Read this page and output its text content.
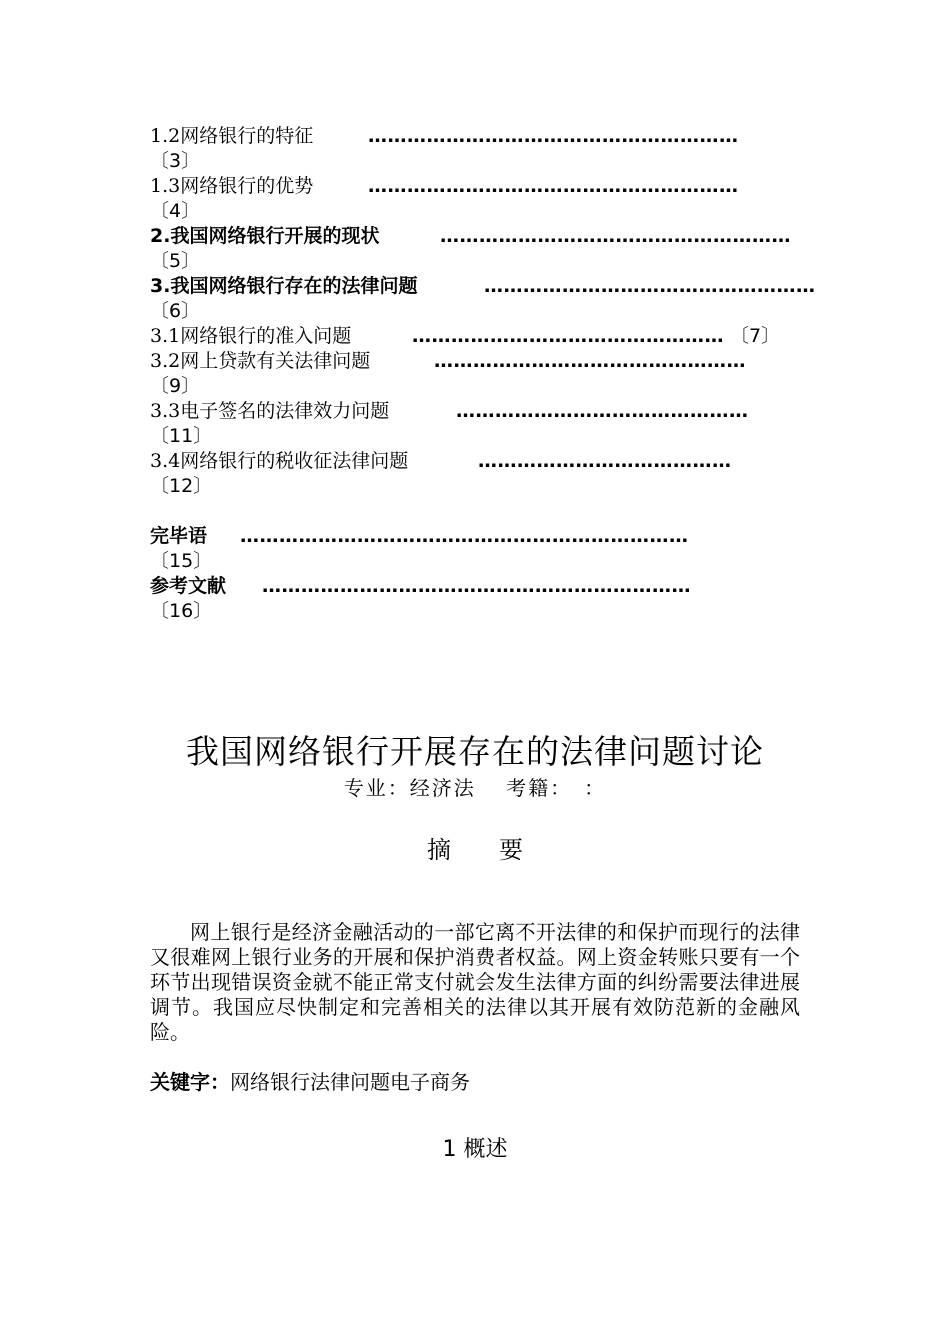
1.2网络银行的特征	…………………………………………………
〔3〕
1.3网络银行的优势	…………………………………………………
〔4〕
2.我国网络银行开展的现状	………………………………………………
〔5〕
3.我国网络银行存在的法律问题	……………………………………………
〔6〕
3.1网络银行的准入问题	………………………………………… 〔7〕
3.2网上贷款有关法律问题	…………………………………………
〔9〕
3.3电子签名的法律效力问题	………………………………………
〔11〕
3.4网络银行的税收征法律问题	…………………………………
〔12〕
完毕语 ……………………………………………………………
〔15〕
参考文献 …………………………………………………………
〔16〕
我国网络银行开展存在的法律问题讨论
专业：经济法　 考籍：　：
摘要
网上银行是经济金融活动的一部它离不开法律的和保护而现行的法律又很难网上银行业务的开展和保护消费者权益。网上资金转账只要有一个环节出现错误资金就不能正常支付就会发生法律方面的纠纷需要法律进展调节。我国应尽快制定和完善相关的法律以其开展有效防范新的金融风险。
关键字：网络银行法律问题电子商务
1 概述
